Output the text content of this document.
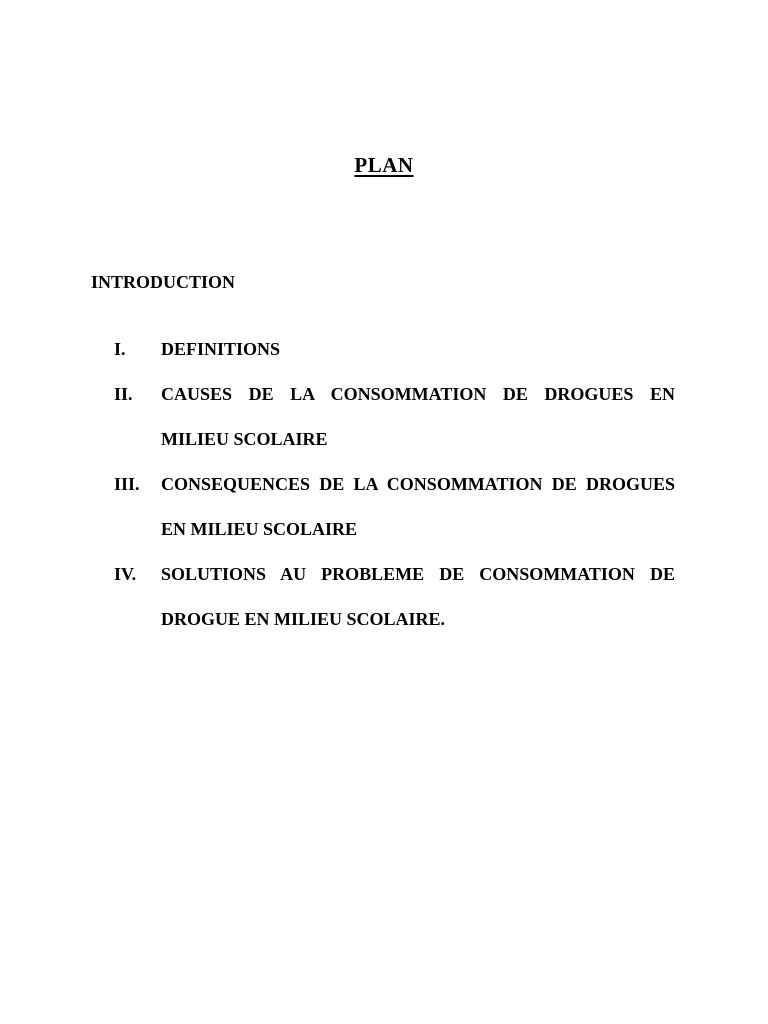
PLAN
INTRODUCTION
I. DEFINITIONS
II. CAUSES DE LA CONSOMMATION DE DROGUES EN MILIEU SCOLAIRE
III. CONSEQUENCES DE LA CONSOMMATION DE DROGUES EN MILIEU SCOLAIRE
IV. SOLUTIONS AU PROBLEME DE CONSOMMATION DE DROGUE EN MILIEU SCOLAIRE.
